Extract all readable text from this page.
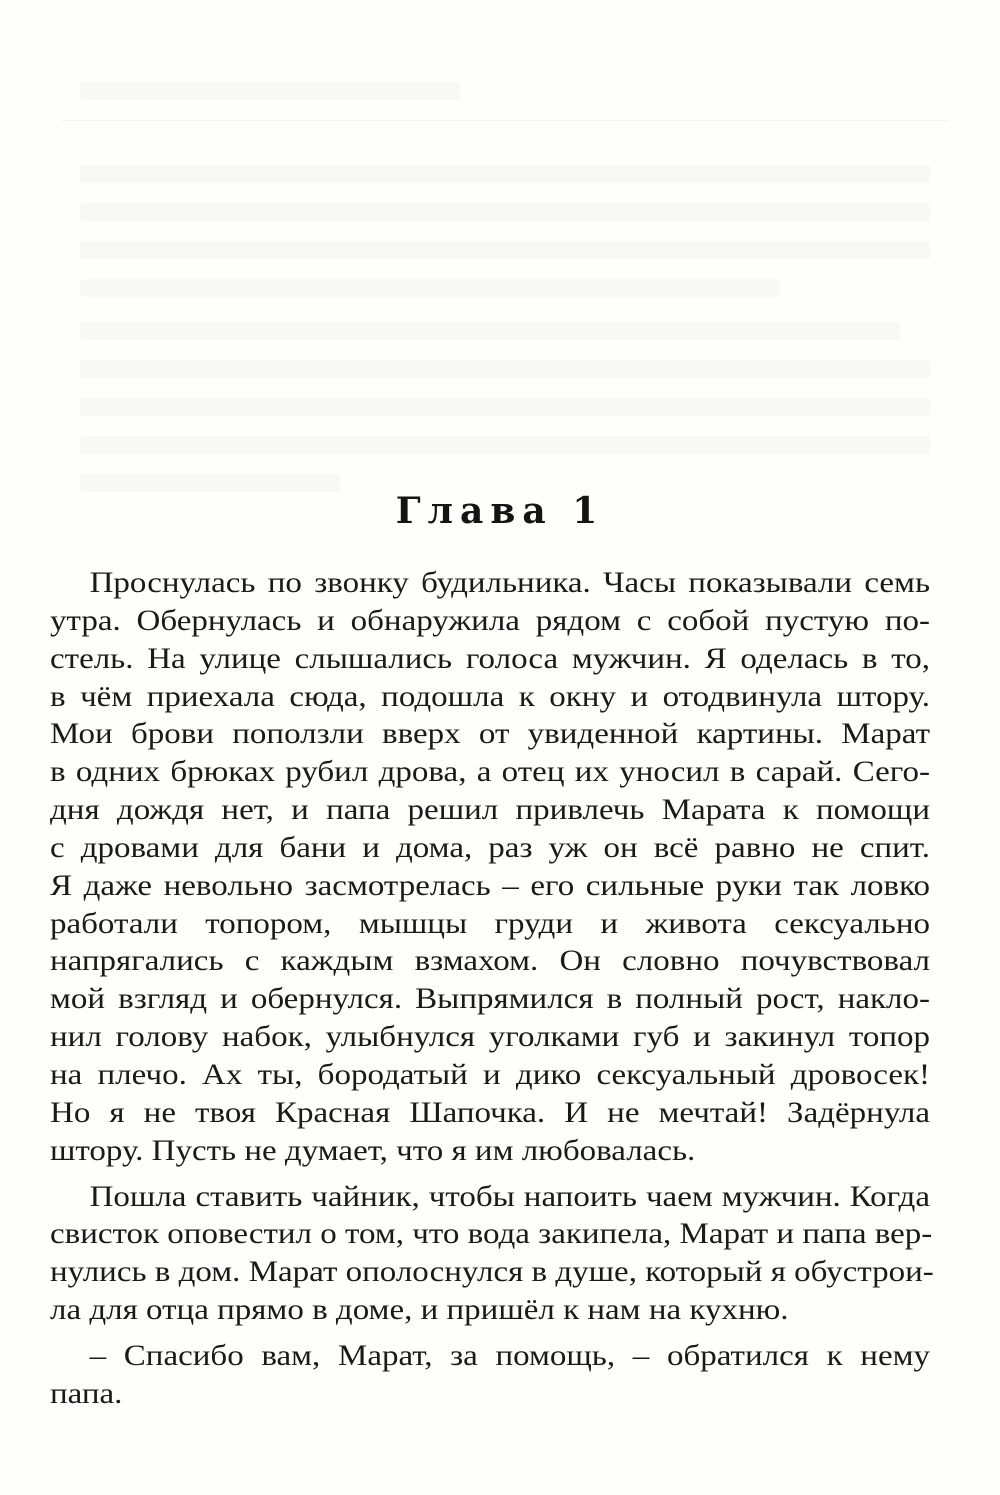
Глава 1
Проснулась по звонку будильника. Часы показывали семь
утра. Обернулась и обнаружила рядом с собой пустую по-
стель. На улице слышались голоса мужчин. Я оделась в то,
в чём приехала сюда, подошла к окну и отодвинула штору.
Мои брови поползли вверх от увиденной картины. Марат
в одних брюках рубил дрова, а отец их уносил в сарай. Сего-
дня дождя нет, и папа решил привлечь Марата к помощи
с дровами для бани и дома, раз уж он всё равно не спит.
Я даже невольно засмотрелась – его сильные руки так ловко
работали топором, мышцы груди и живота сексуально
напрягались с каждым взмахом. Он словно почувствовал
мой взгляд и обернулся. Выпрямился в полный рост, накло-
нил голову набок, улыбнулся уголками губ и закинул топор
на плечо. Ах ты, бородатый и дико сексуальный дровосек!
Но я не твоя Красная Шапочка. И не мечтай! Задёрнула
штору. Пусть не думает, что я им любовалась.
Пошла ставить чайник, чтобы напоить чаем мужчин. Когда
свисток оповестил о том, что вода закипела, Марат и папа вер-
нулись в дом. Марат ополоснулся в душе, который я обустрои-
ла для отца прямо в доме, и пришёл к нам на кухню.
– Спасибо вам, Марат, за помощь, – обратился к нему
папа.
